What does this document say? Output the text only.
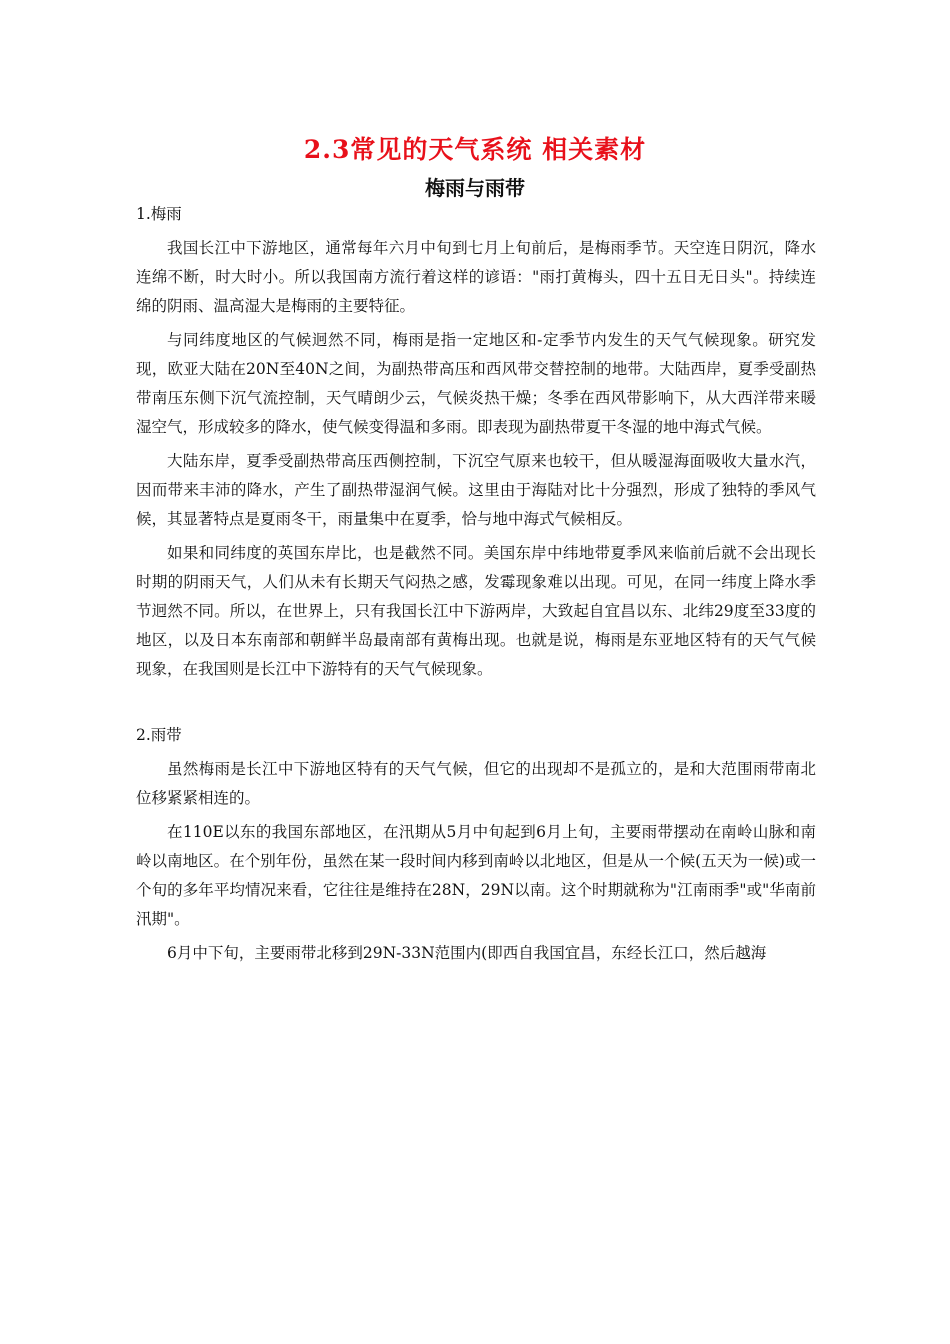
2.3常见的天气系统 相关素材
梅雨与雨带
1.梅雨

我国长江中下游地区，通常每年六月中旬到七月上旬前后，是梅雨季节。天空连日阴沉，降水连绵不断，时大时小。所以我国南方流行着这样的谚语："雨打黄梅头，四十五日无日头"。持续连绵的阴雨、温高湿大是梅雨的主要特征。

与同纬度地区的气候迥然不同，梅雨是指一定地区和-定季节内发生的天气气候现象。研究发现，欧亚大陆在20N至40N之间，为副热带高压和西风带交替控制的地带。大陆西岸，夏季受副热带南压东侧下沉气流控制，天气晴朗少云，气候炎热干燥；冬季在西风带影响下，从大西洋带来暖湿空气，形成较多的降水，使气候变得温和多雨。即表现为副热带夏干冬湿的地中海式气候。

大陆东岸，夏季受副热带高压西侧控制，下沉空气原来也较干，但从暖湿海面吸收大量水汽，因而带来丰沛的降水，产生了副热带湿润气候。这里由于海陆对比十分强烈，形成了独特的季风气候，其显著特点是夏雨冬干，雨量集中在夏季，恰与地中海式气候相反。

如果和同纬度的英国东岸比，也是截然不同。美国东岸中纬地带夏季风来临前后就不会出现长时期的阴雨天气，人们从未有长期天气闷热之感，发霉现象难以出现。可见，在同一纬度上降水季节迥然不同。所以，在世界上，只有我国长江中下游两岸，大致起自宜昌以东、北纬29度至33度的地区，以及日本东南部和朝鲜半岛最南部有黄梅出现。也就是说，梅雨是东亚地区特有的天气气候现象，在我国则是长江中下游特有的天气气候现象。

2.雨带

虽然梅雨是长江中下游地区特有的天气气候，但它的出现却不是孤立的，是和大范围雨带南北位移紧紧相连的。

在110E以东的我国东部地区，在汛期从5月中旬起到6月上旬，主要雨带摆动在南岭山脉和南岭以南地区。在个别年份，虽然在某一段时间内移到南岭以北地区，但是从一个候(五天为一候)或一个旬的多年平均情况来看，它往往是维持在28N，29N以南。这个时期就称为"江南雨季"或"华南前汛期"。

6月中下旬，主要雨带北移到29N-33N范围内(即西自我国宜昌，东经长江口，然后越海
